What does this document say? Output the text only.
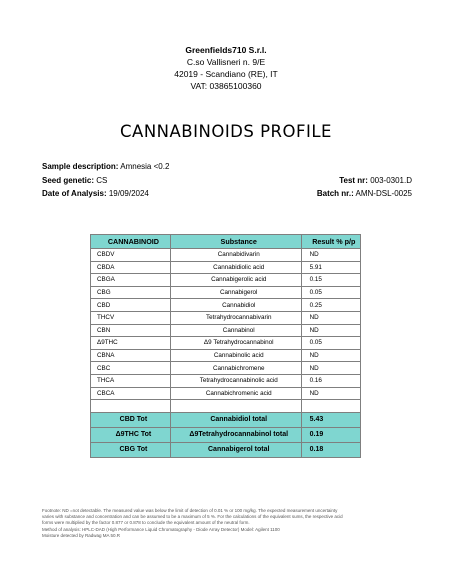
Greenfields710 S.r.l.
C.so Vallisneri n. 9/E
42019 - Scandiano (RE), IT
VAT: 03865100360
CANNABINOIDS PROFILE
Sample description: Amnesia <0.2
Seed genetic: CS	Test nr: 003-0301.D
Date of Analysis: 19/09/2024	Batch nr.: AMN-DSL-0025
CANNABINOID	Substance	Result % p/p
CBDV	Cannabidivarin	ND
CBDA	Cannabidiolic acid	5.91
CBGA	Cannabigerolic acid	0.15
CBG	Cannabigerol	0.05
CBD	Cannabidiol	0.25
THCV	Tetrahydrocannabivarin	ND
CBN	Cannabinol	ND
Δ9THC	Δ9 Tetrahydrocannabinol	0.05
CBNA	Cannabinolic acid	ND
CBC	Cannabichromene	ND
THCA	Tetrahydrocannabinolic acid	0.16
CBCA	Cannabichromenic acid	ND

CBD Tot	Cannabidiol total	5.43
Δ9THC Tot	Δ9Tetrahydrocannabinol total	0.19
CBG Tot	Cannabigerol total	0.18
Footnote: ND =not detectable. The measured value was below the limit of detection of 0.01 % or 100 mg/kg. The expected measurement uncertainty
varies with substance and concentration and can be assumed to be a maximum of 5 %. For the calculations of the equivalent sums, the respective acid
forms were multiplied by the factor 0.877 or 0.878 to conclude the equivalent amount of the neutral form.
Method of analysis: HPLC-DAD (High Performance Liquid Chromatography - Diode Array Detector) Model: Agilent 1100
Moisture detected by Radwag MA 50.R
